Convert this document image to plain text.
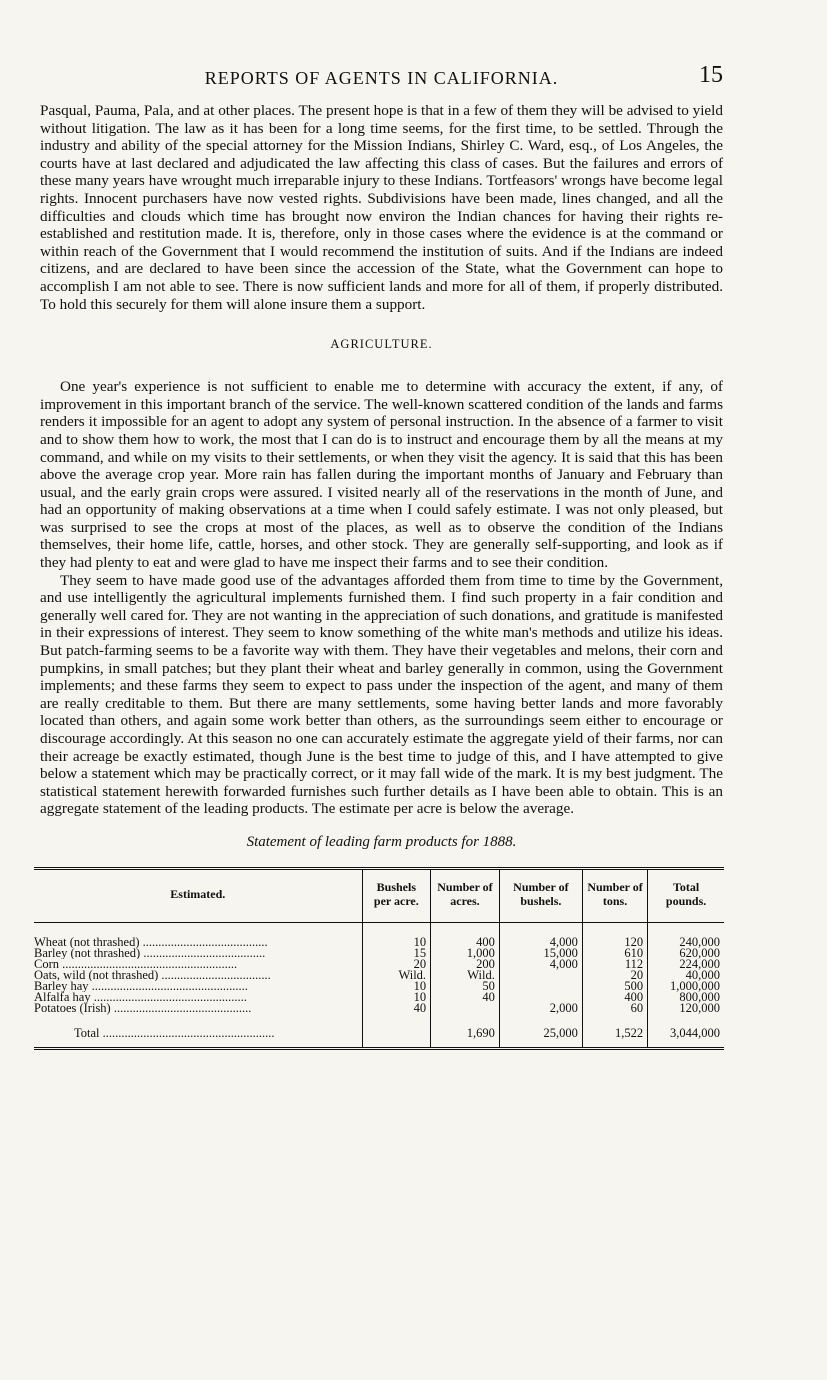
REPORTS OF AGENTS IN CALIFORNIA.	15

Pasqual, Pauma, Pala, and at other places. The present hope is that in a few of them they will be advised to yield without litigation. The law as it has been for a long time seems, for the first time, to be settled. Through the industry and ability of the special attorney for the Mission Indians, Shirley C. Ward, esq., of Los Angeles, the courts have at last declared and adjudicated the law affecting this class of cases. But the failures and errors of these many years have wrought much irreparable injury to these Indians. Tortfeasors' wrongs have become legal rights. Innocent purchasers have now vested rights. Subdivisions have been made, lines changed, and all the difficulties and clouds which time has brought now environ the Indian chances for having their rights re-established and restitution made. It is, therefore, only in those cases where the evidence is at the command or within reach of the Government that I would recommend the institution of suits. And if the Indians are indeed citizens, and are declared to have been since the accession of the State, what the Government can hope to accomplish I am not able to see. There is now sufficient lands and more for all of them, if properly distributed. To hold this securely for them will alone insure them a support.

AGRICULTURE.

One year's experience is not sufficient to enable me to determine with accuracy the extent, if any, of improvement in this important branch of the service. The well-known scattered condition of the lands and farms renders it impossible for an agent to adopt any system of personal instruction. In the absence of a farmer to visit and to show them how to work, the most that I can do is to instruct and encourage them by all the means at my command, and while on my visits to their settlements, or when they visit the agency. It is said that this has been above the average crop year. More rain has fallen during the important months of January and February than usual, and the early grain crops were assured. I visited nearly all of the reservations in the month of June, and had an opportunity of making observations at a time when I could safely estimate. I was not only pleased, but was surprised to see the crops at most of the places, as well as to observe the condition of the Indians themselves, their home life, cattle, horses, and other stock. They are generally self-supporting, and look as if they had plenty to eat and were glad to have me inspect their farms and to see their condition.

They seem to have made good use of the advantages afforded them from time to time by the Government, and use intelligently the agricultural implements furnished them. I find such property in a fair condition and generally well cared for. They are not wanting in the appreciation of such donations, and gratitude is manifested in their expressions of interest. They seem to know something of the white man's methods and utilize his ideas. But patch-farming seems to be a favorite way with them. They have their vegetables and melons, their corn and pumpkins, in small patches; but they plant their wheat and barley generally in common, using the Government implements; and these farms they seem to expect to pass under the inspection of the agent, and many of them are really creditable to them. But there are many settlements, some having better lands and more favorably located than others, and again some work better than others, as the surroundings seem either to encourage or discourage accordingly. At this season no one can accurately estimate the aggregate yield of their farms, nor can their acreage be exactly estimated, though June is the best time to judge of this, and I have attempted to give below a statement which may be practically correct, or it may fall wide of the mark. It is my best judgment. The statistical statement herewith forwarded furnishes such further details as I have been able to obtain. This is an aggregate statement of the leading products. The estimate per acre is below the average.

Statement of leading farm products for 1888.
Estimated.	Bushels per acre.	Number of acres.	Number of bushels.	Number of tons.	Total pounds.
Wheat (not thrashed) ........................................	10	400	4,000	120	240,000
Barley (not thrashed) .......................................	15	1,000	15,000	610	620,000
Corn ........................................................	20	200	4,000	112	224,000
Oats, wild (not thrashed) ...................................	Wild.	Wild.		20	40,000
Barley hay ..................................................	10	50		500	1,000,000
Alfalfa hay .................................................	10	40		400	800,000
Potatoes (Irish) ............................................	40		2,000	60	120,000
Total .......................................................		1,690	25,000	1,522	3,044,000
